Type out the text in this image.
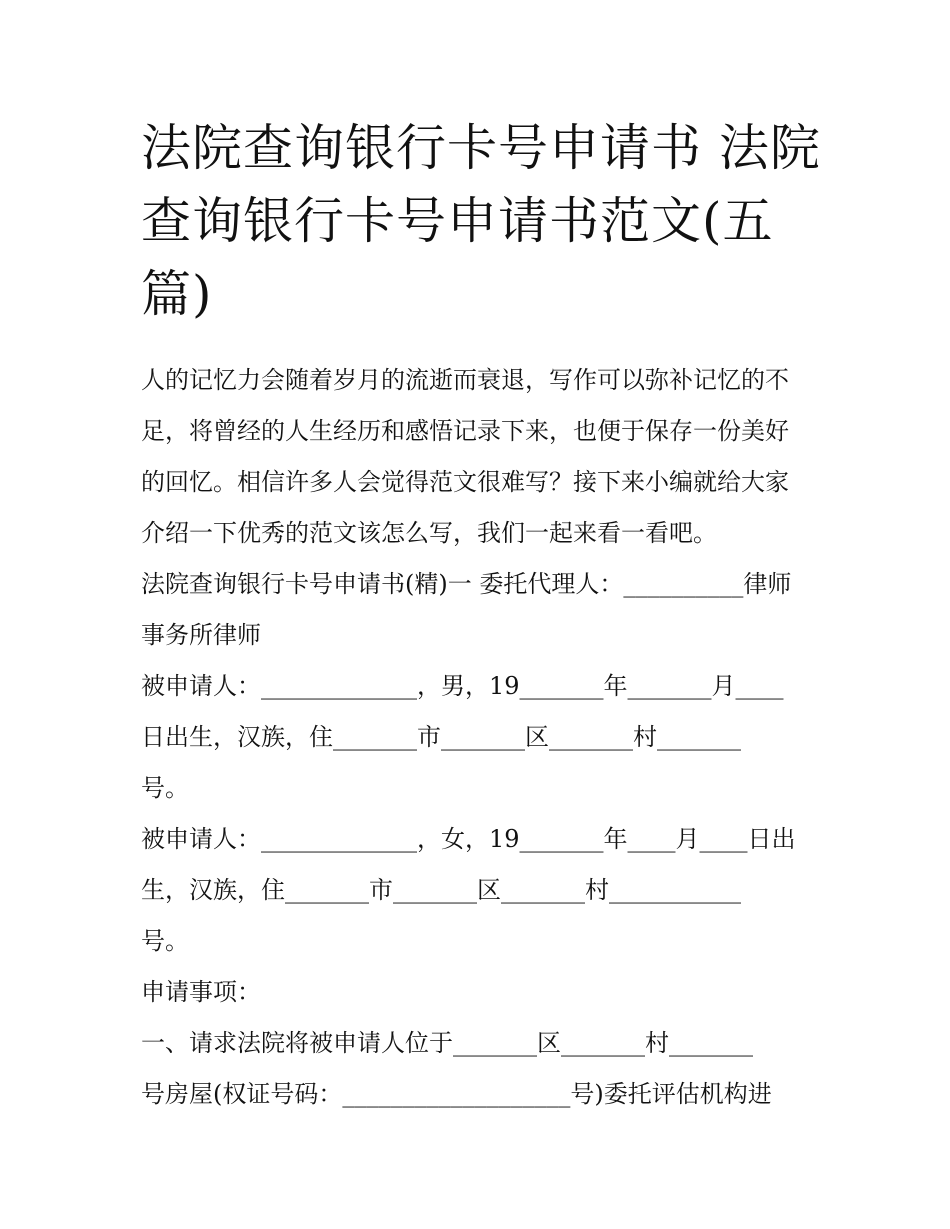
法院查询银行卡号申请书 法院
查询银行卡号申请书范文(五
篇)
人的记忆力会随着岁月的流逝而衰退，写作可以弥补记忆的不
足，将曾经的人生经历和感悟记录下来，也便于保存一份美好
的回忆。相信许多人会觉得范文很难写？接下来小编就给大家
介绍一下优秀的范文该怎么写，我们一起来看一看吧。
法院查询银行卡号申请书(精)一 委托代理人：__________律师
事务所律师
被申请人：_____________，男，19_______年_______月____
日出生，汉族，住_______市_______区_______村_______
号。
被申请人：_____________，女，19_______年____月____日出
生，汉族，住_______市_______区_______村___________
号。
申请事项：
一、请求法院将被申请人位于_______区_______村_______
号房屋(权证号码：___________________号)委托评估机构进
